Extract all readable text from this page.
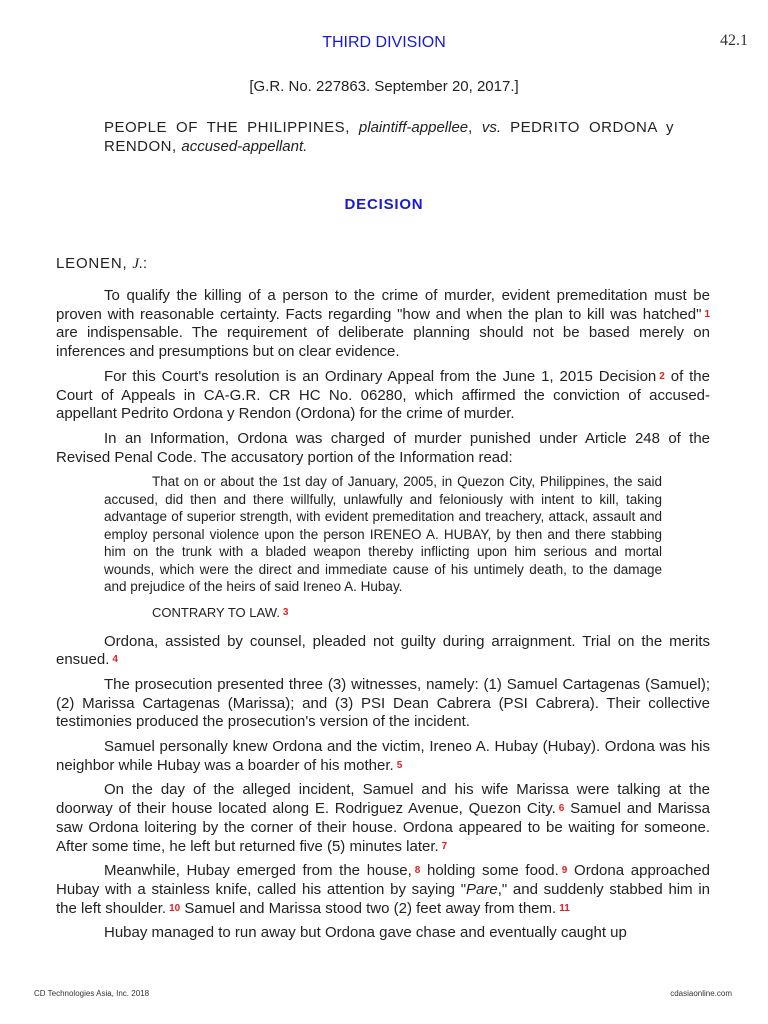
42.1
THIRD DIVISION
[G.R. No. 227863. September 20, 2017.]
PEOPLE OF THE PHILIPPINES, plaintiff-appellee, vs. PEDRITO ORDONA y RENDON, accused-appellant.
DECISION
LEONEN, J.:

To qualify the killing of a person to the crime of murder, evident premeditation must be proven with reasonable certainty. Facts regarding "how and when the plan to kill was hatched" 1 are indispensable. The requirement of deliberate planning should not be based merely on inferences and presumptions but on clear evidence.

For this Court's resolution is an Ordinary Appeal from the June 1, 2015 Decision 2 of the Court of Appeals in CA-G.R. CR HC No. 06280, which affirmed the conviction of accused-appellant Pedrito Ordona y Rendon (Ordona) for the crime of murder.

In an Information, Ordona was charged of murder punished under Article 248 of the Revised Penal Code. The accusatory portion of the Information read:

That on or about the 1st day of January, 2005, in Quezon City, Philippines, the said accused, did then and there willfully, unlawfully and feloniously with intent to kill, taking advantage of superior strength, with evident premeditation and treachery, attack, assault and employ personal violence upon the person IRENEO A. HUBAY, by then and there stabbing him on the trunk with a bladed weapon thereby inflicting upon him serious and mortal wounds, which were the direct and immediate cause of his untimely death, to the damage and prejudice of the heirs of said Ireneo A. Hubay.

CONTRARY TO LAW. 3

Ordona, assisted by counsel, pleaded not guilty during arraignment. Trial on the merits ensued. 4

The prosecution presented three (3) witnesses, namely: (1) Samuel Cartagenas (Samuel); (2) Marissa Cartagenas (Marissa); and (3) PSI Dean Cabrera (PSI Cabrera). Their collective testimonies produced the prosecution's version of the incident.

Samuel personally knew Ordona and the victim, Ireneo A. Hubay (Hubay). Ordona was his neighbor while Hubay was a boarder of his mother. 5

On the day of the alleged incident, Samuel and his wife Marissa were talking at the doorway of their house located along E. Rodriguez Avenue, Quezon City. 6 Samuel and Marissa saw Ordona loitering by the corner of their house. Ordona appeared to be waiting for someone. After some time, he left but returned five (5) minutes later. 7

Meanwhile, Hubay emerged from the house, 8 holding some food. 9 Ordona approached Hubay with a stainless knife, called his attention by saying "Pare," and suddenly stabbed him in the left shoulder. 10 Samuel and Marissa stood two (2) feet away from them. 11

Hubay managed to run away but Ordona gave chase and eventually caught up

CD Technologies Asia, Inc. 2018	cdasiaonline.com
